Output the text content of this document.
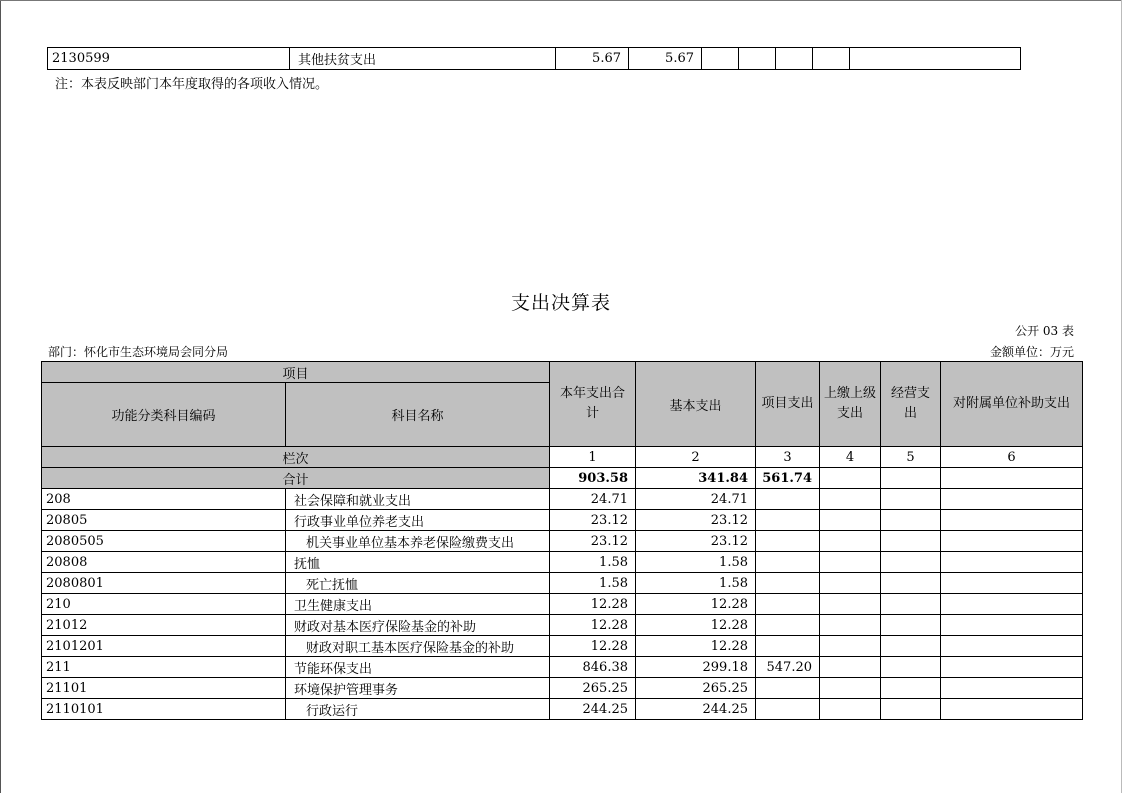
2130599	其他扶贫支出	5.67	5.67					
注：本表反映部门本年度取得的各项收入情况。
支出决算表
公开 03 表
部门：怀化市生态环境局会同分局	金额单位：万元
项目		本年支出合计	基本支出	项目支出	上缴上级支出	经营支出	对附属单位补助支出
功能分类科目编码	科目名称						
栏次		1	2	3	4	5	6
合计		903.58	341.84	561.74			
208	社会保障和就业支出	24.71	24.71				
20805	行政事业单位养老支出	23.12	23.12				
2080505	机关事业单位基本养老保险缴费支出	23.12	23.12				
20808	抚恤	1.58	1.58				
2080801	死亡抚恤	1.58	1.58				
210	卫生健康支出	12.28	12.28				
21012	财政对基本医疗保险基金的补助	12.28	12.28				
2101201	财政对职工基本医疗保险基金的补助	12.28	12.28				
211	节能环保支出	846.38	299.18	547.20			
21101	环境保护管理事务	265.25	265.25				
2110101	行政运行	244.25	244.25				
